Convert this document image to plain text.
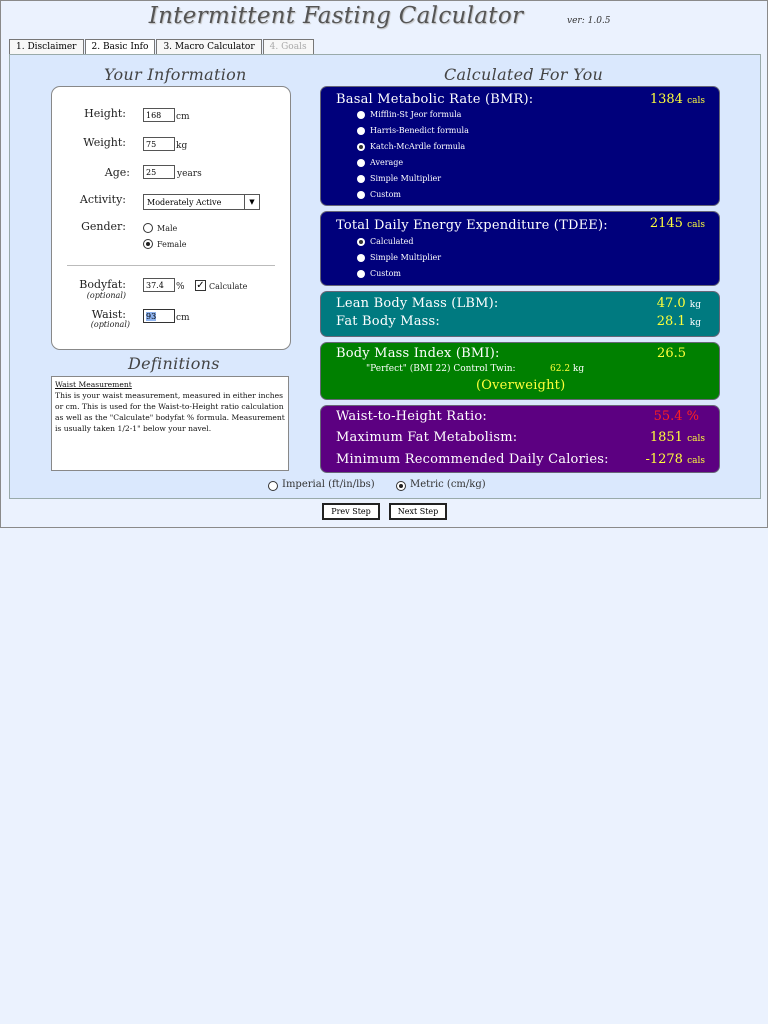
Intermittent Fasting Calculator	ver: 1.0.5
1. Disclaimer	2. Basic Info	3. Macro Calculator	4. Goals
Your Information
Height:	168	cm
Weight:	75	kg
Age:	25	years
Activity:	Moderately Active	▼
Gender:	Male
Female
Bodyfat:
(optional)
37.4	% ✓ Calculate
Waist:
(optional)
93	cm
Definitions
Waist Measurement
This is your waist measurement, measured in either inches or cm. This is used for the Waist-to-Height ratio calculation as well as the "Calculate" bodyfat % formula. Measurement is usually taken 1/2-1" below your navel.
Calculated For You
Basal Metabolic Rate (BMR):	1384 cals
Mifflin-St Jeor formula
Harris-Benedict formula
Katch-McArdle formula
Average
Simple Multiplier
Custom
Total Daily Energy Expenditure (TDEE):	2145 cals
Calculated
Simple Multiplier
Custom
Lean Body Mass (LBM):	47.0 kg
Fat Body Mass:	28.1 kg
Body Mass Index (BMI):	26.5
"Perfect" (BMI 22) Control Twin:	62.2 kg
(Overweight)
Waist-to-Height Ratio:	55.4 %
Maximum Fat Metabolism:	1851 cals
Minimum Recommended Daily Calories:	-1278 cals
Imperial (ft/in/lbs)	Metric (cm/kg)
Prev Step	Next Step
